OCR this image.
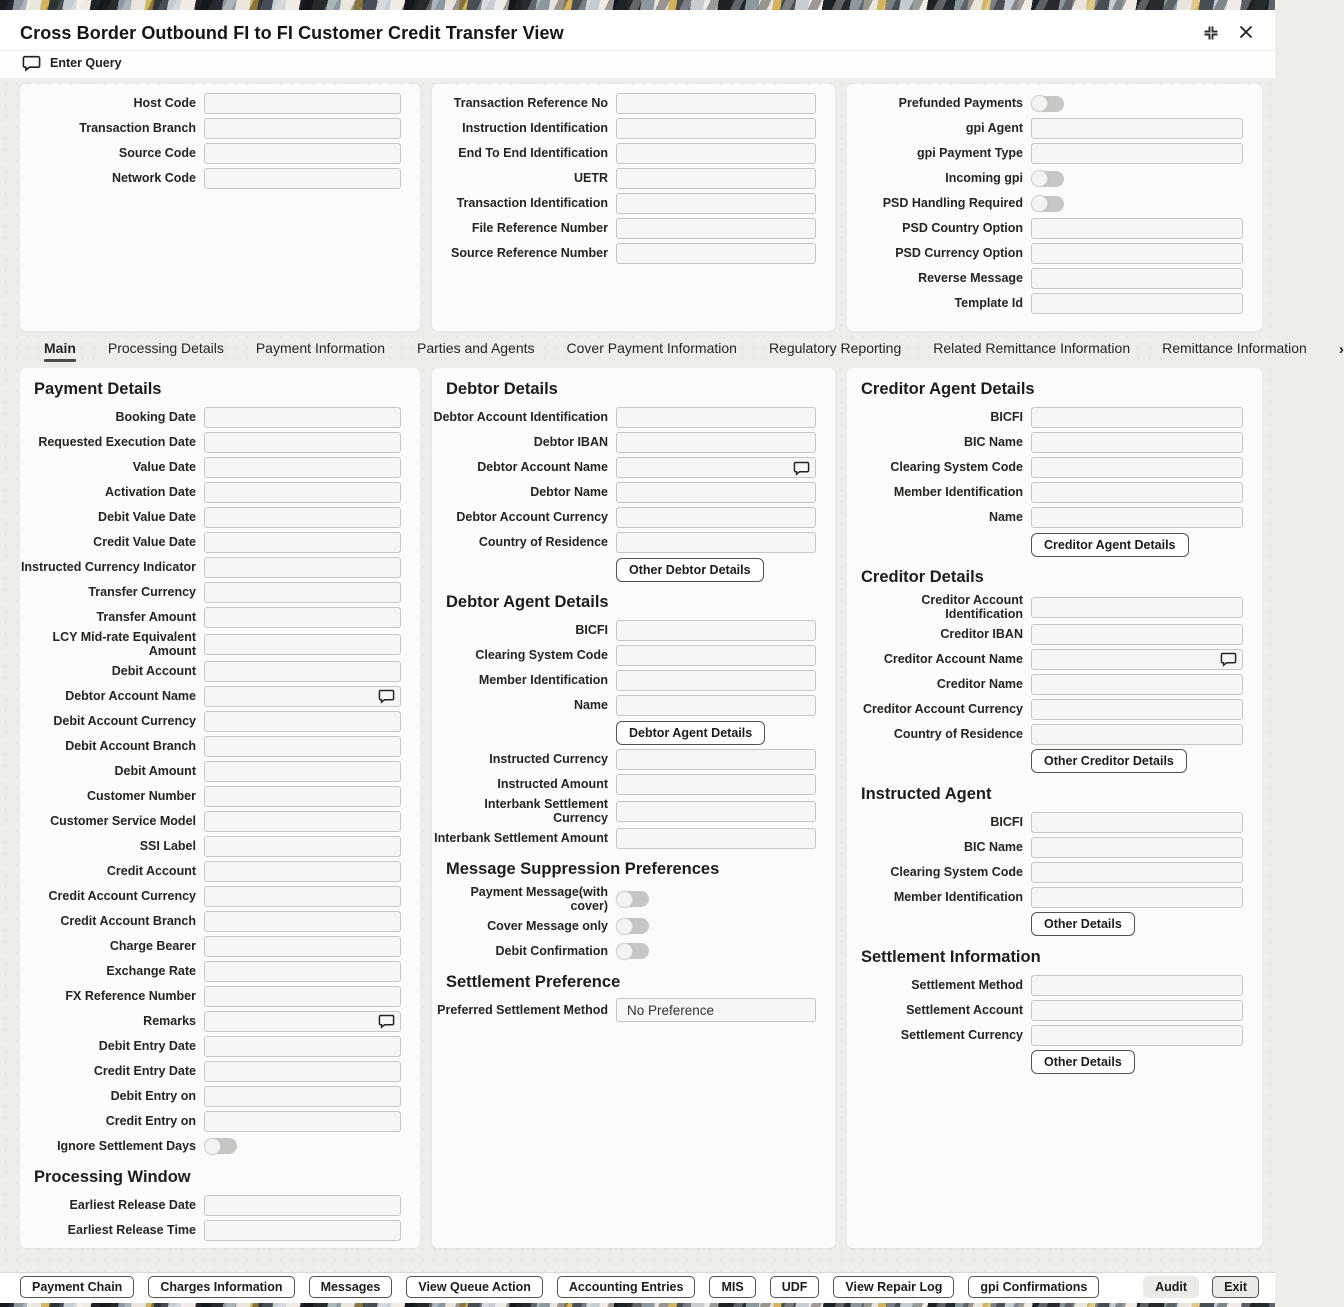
Cross Border Outbound FI to FI Customer Credit Transfer View
Enter Query
Host Code
Transaction Branch
Source Code
Network Code
Transaction Reference No
Instruction Identification
End To End Identification
UETR
Transaction Identification
File Reference Number
Source Reference Number
Prefunded Payments
gpi Agent
gpi Payment Type
Incoming gpi
PSD Handling Required
PSD Country Option
PSD Currency Option
Reverse Message
Template Id
Main Processing Details Payment Information Parties and Agents Cover Payment Information Regulatory Reporting Related Remittance Information Remittance Information ›
Payment Details
Booking Date
Requested Execution Date
Value Date
Activation Date
Debit Value Date
Credit Value Date
Instructed Currency Indicator
Transfer Currency
Transfer Amount
LCY Mid-rate Equivalent Amount
Debit Account
Debtor Account Name
Debit Account Currency
Debit Account Branch
Debit Amount
Customer Number
Customer Service Model
SSI Label
Credit Account
Credit Account Currency
Credit Account Branch
Charge Bearer
Exchange Rate
FX Reference Number
Remarks
Debit Entry Date
Credit Entry Date
Debit Entry on
Credit Entry on
Ignore Settlement Days
Processing Window
Earliest Release Date
Earliest Release Time
Debtor Details
Debtor Account Identification
Debtor IBAN
Debtor Account Name
Debtor Name
Debtor Account Currency
Country of Residence
Other Debtor Details
Debtor Agent Details
BICFI
Clearing System Code
Member Identification
Name
Debtor Agent Details
Instructed Currency
Instructed Amount
Interbank Settlement Currency
Interbank Settlement Amount
Message Suppression Preferences
Payment Message(with cover)
Cover Message only
Debit Confirmation
Settlement Preference
Preferred Settlement Method
No Preference
Creditor Agent Details
BICFI
BIC Name
Clearing System Code
Member Identification
Name
Creditor Agent Details
Creditor Details
Creditor Account Identification
Creditor IBAN
Creditor Account Name
Creditor Name
Creditor Account Currency
Country of Residence
Other Creditor Details
Instructed Agent
BICFI
BIC Name
Clearing System Code
Member Identification
Other Details
Settlement Information
Settlement Method
Settlement Account
Settlement Currency
Other Details
Payment Chain	Charges Information	Messages	View Queue Action	Accounting Entries	MIS	UDF	View Repair Log	gpi Confirmations	Audit	Exit
